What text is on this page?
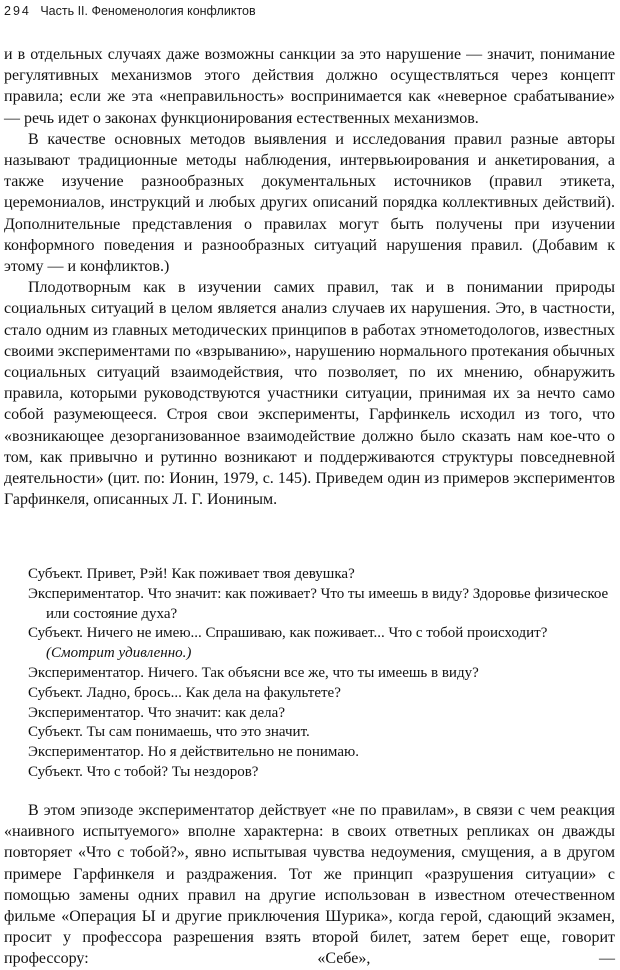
294 Часть II. Феноменология конфликтов

и в отдельных случаях даже возможны санкции за это нарушение — значит, понимание регулятивных механизмов этого действия должно осуществляться через концепт правила; если же эта «неправильность» воспринимается как «неверное срабатывание» — речь идет о законах функционирования естественных механизмов.

В качестве основных методов выявления и исследования правил разные авторы называют традиционные методы наблюдения, интервьюирования и анкетирования, а также изучение разнообразных документальных источников (правил этикета, церемониалов, инструкций и любых других описаний порядка коллективных действий). Дополнительные представления о правилах могут быть получены при изучении конформного поведения и разнообразных ситуаций нарушения правил. (Добавим к этому — и конфликтов.)

Плодотворным как в изучении самих правил, так и в понимании природы социальных ситуаций в целом является анализ случаев их нарушения. Это, в частности, стало одним из главных методических принципов в работах этнометодологов, известных своими экспериментами по «взрыванию», нарушению нормального протекания обычных социальных ситуаций взаимодействия, что позволяет, по их мнению, обнаружить правила, которыми руководствуются участники ситуации, принимая их за нечто само собой разумеющееся. Строя свои эксперименты, Гарфинкель исходил из того, что «возникающее дезорганизованное взаимодействие должно было сказать нам кое-что о том, как привычно и рутинно возникают и поддерживаются структуры повседневной деятельности» (цит. по: Ионин, 1979, с. 145). Приведем один из примеров экспериментов Гарфинкеля, описанных Л. Г. Иониным.

Субъект. Привет, Рэй! Как поживает твоя девушка?
Экспериментатор. Что значит: как поживает? Что ты имеешь в виду? Здоровье физическое или состояние духа?
Субъект. Ничего не имею... Спрашиваю, как поживает... Что с тобой происходит?
(Смотрит удивленно.)
Экспериментатор. Ничего. Так объясни все же, что ты имеешь в виду?
Субъект. Ладно, брось... Как дела на факультете?
Экспериментатор. Что значит: как дела?
Субъект. Ты сам понимаешь, что это значит.
Экспериментатор. Но я действительно не понимаю.
Субъект. Что с тобой? Ты нездоров?

В этом эпизоде экспериментатор действует «не по правилам», в связи с чем реакция «наивного испытуемого» вполне характерна: в своих ответных репликах он дважды повторяет «Что с тобой?», явно испытывая чувства недоумения, смущения, а в другом примере Гарфинкеля и раздражения. Тот же принцип «разрушения ситуации» с помощью замены одних правил на другие использован в известном отечественном фильме «Операция Ы и другие приключения Шурика», когда герой, сдающий экзамен, просит у профессора разрешения взять второй билет, затем берет еще, говорит профессору: «Себе», —
